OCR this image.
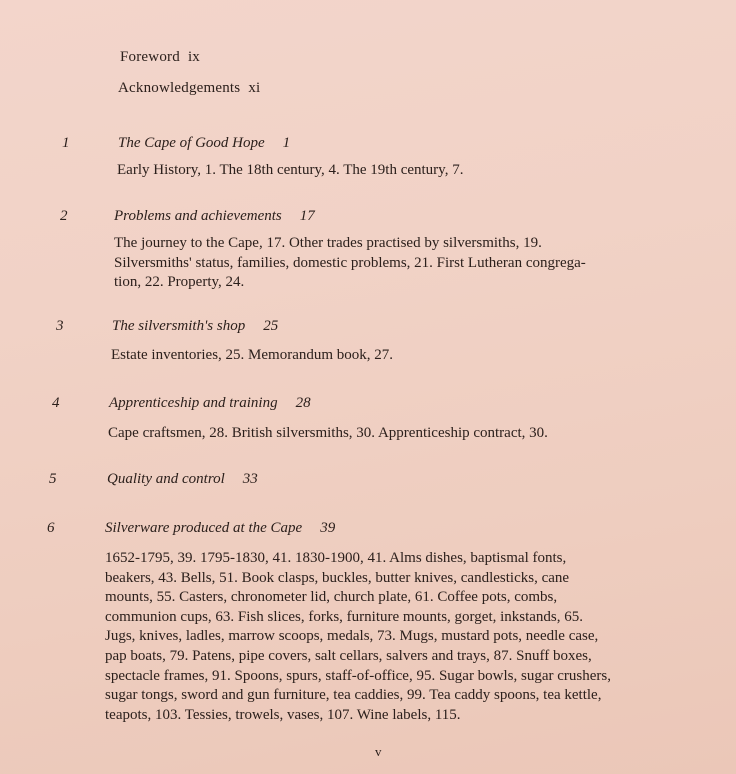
Foreword ix
Acknowledgements xi
1	The Cape of Good Hope 1
Early History, 1. The 18th century, 4. The 19th century, 7.
2	Problems and achievements 17
The journey to the Cape, 17. Other trades practised by silversmiths, 19.
Silversmiths' status, families, domestic problems, 21. First Lutheran congrega-
tion, 22. Property, 24.
3	The silversmith's shop 25
Estate inventories, 25. Memorandum book, 27.
4	Apprenticeship and training 28
Cape craftsmen, 28. British silversmiths, 30. Apprenticeship contract, 30.
5	Quality and control 33
6	Silverware produced at the Cape 39
1652-1795, 39. 1795-1830, 41. 1830-1900, 41. Alms dishes, baptismal fonts,
beakers, 43. Bells, 51. Book clasps, buckles, butter knives, candlesticks, cane
mounts, 55. Casters, chronometer lid, church plate, 61. Coffee pots, combs,
communion cups, 63. Fish slices, forks, furniture mounts, gorget, inkstands, 65.
Jugs, knives, ladles, marrow scoops, medals, 73. Mugs, mustard pots, needle case,
pap boats, 79. Patens, pipe covers, salt cellars, salvers and trays, 87. Snuff boxes,
spectacle frames, 91. Spoons, spurs, staff-of-office, 95. Sugar bowls, sugar crushers,
sugar tongs, sword and gun furniture, tea caddies, 99. Tea caddy spoons, tea kettle,
teapots, 103. Tessies, trowels, vases, 107. Wine labels, 115.
v
